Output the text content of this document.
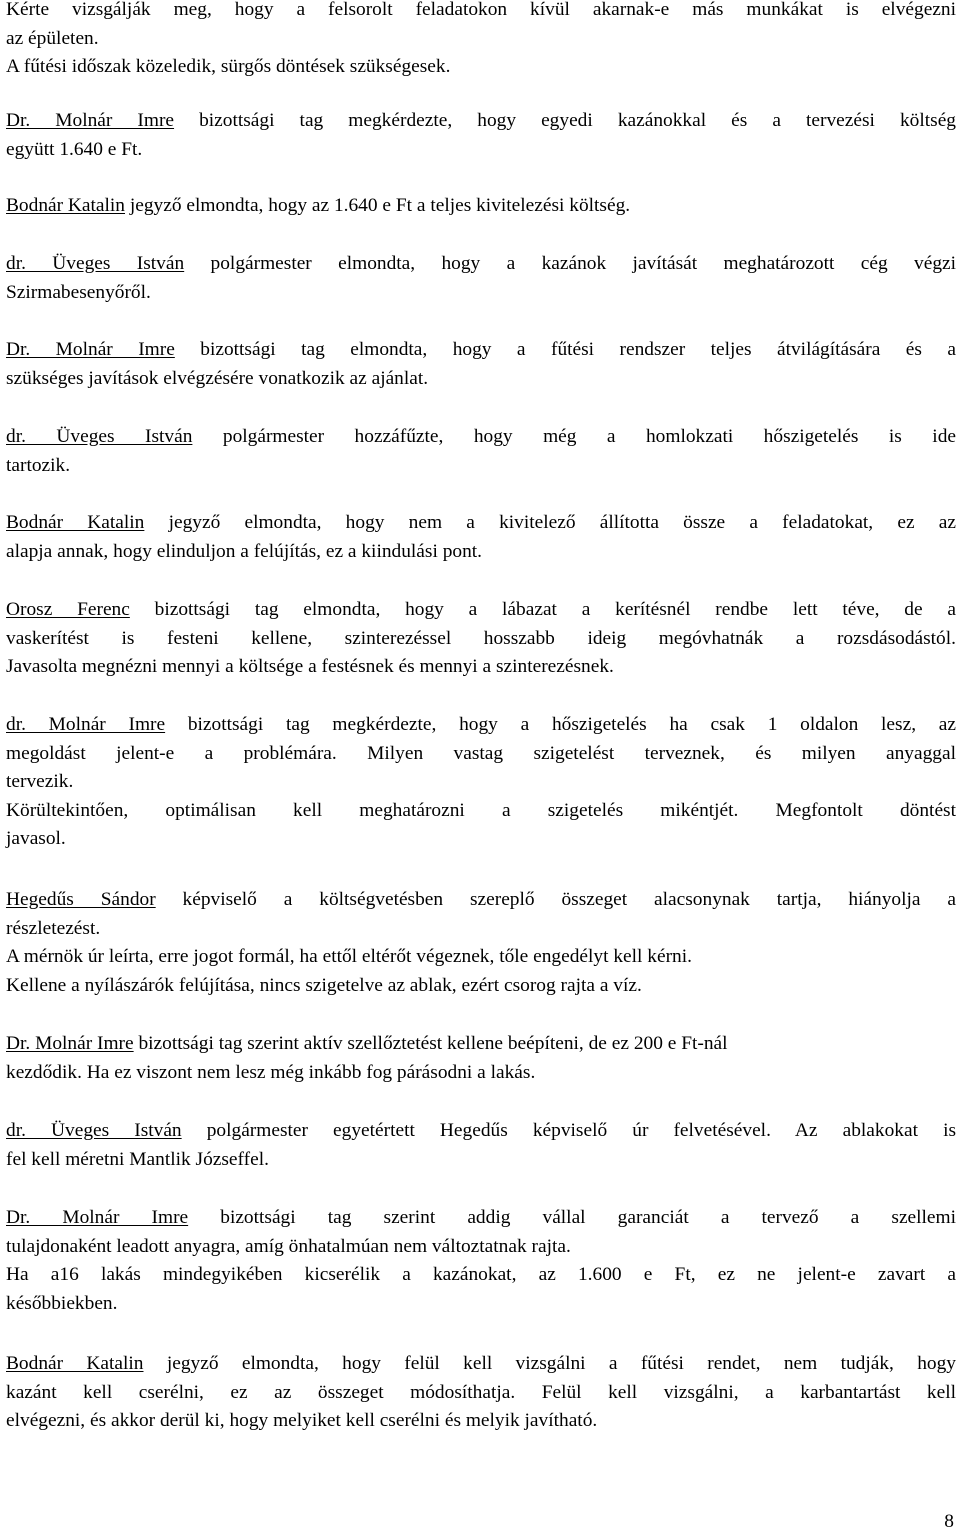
Kérte vizsgálják meg, hogy a felsorolt feladatokon kívül akarnak-e más munkákat is elvégezni
az épületen.
A fűtési időszak közeledik, sürgős döntések szükségesek.
Dr. Molnár Imre bizottsági tag megkérdezte, hogy egyedi kazánokkal és a tervezési költség
együtt 1.640 e Ft.
Bodnár Katalin jegyző elmondta, hogy az 1.640 e Ft a teljes kivitelezési költség.
dr. Üveges István polgármester elmondta, hogy a kazánok javítását meghatározott cég végzi
Szirmabesenyőről.
Dr. Molnár Imre bizottsági tag elmondta, hogy a fűtési rendszer teljes átvilágítására és a
szükséges javítások elvégzésére vonatkozik az ajánlat.
dr. Üveges István polgármester hozzáfűzte, hogy még a homlokzati hőszigetelés is ide
tartozik.
Bodnár Katalin jegyző elmondta, hogy nem a kivitelező állította össze a feladatokat, ez az
alapja annak, hogy elinduljon a felújítás, ez a kiindulási pont.
Orosz Ferenc bizottsági tag elmondta, hogy a lábazat a kerítésnél rendbe lett téve, de a
vaskerítést is festeni kellene, szinterezéssel hosszabb ideig megóvhatnák a rozsdásodástól.
Javasolta megnézni mennyi a költsége a festésnek és mennyi a szinterezésnek.
dr. Molnár Imre bizottsági tag megkérdezte, hogy a hőszigetelés ha csak 1 oldalon lesz, az
megoldást jelent-e a problémára. Milyen vastag szigetelést terveznek, és milyen anyaggal
tervezik.
Körültekintően, optimálisan kell meghatározni a szigetelés mikéntjét. Megfontolt döntést
javasol.
Hegedűs Sándor képviselő a költségvetésben szereplő összeget alacsonynak tartja, hiányolja a
részletezést.
A mérnök úr leírta, erre jogot formál, ha ettől eltérőt végeznek, tőle engedélyt kell kérni.
Kellene a nyílászárók felújítása, nincs szigetelve az ablak, ezért csorog rajta a víz.
Dr. Molnár Imre bizottsági tag szerint aktív szellőztetést kellene beépíteni, de ez 200 e Ft-nál
kezdődik. Ha ez viszont nem lesz még inkább fog párásodni a lakás.
dr. Üveges István polgármester egyetértett Hegedűs képviselő úr felvetésével. Az ablakokat is
fel kell méretni Mantlik Józseffel.
Dr. Molnár Imre bizottsági tag szerint addig vállal garanciát a tervező a szellemi
tulajdonaként leadott anyagra, amíg önhatalmúan nem változtatnak rajta.
Ha a16 lakás mindegyikében kicserélik a kazánokat, az 1.600 e Ft, ez ne jelent-e zavart a
későbbiekben.
Bodnár Katalin jegyző elmondta, hogy felül kell vizsgálni a fűtési rendet, nem tudják, hogy
kazánt kell cserélni, ez az összeget módosíthatja. Felül kell vizsgálni, a karbantartást kell
elvégezni, és akkor derül ki, hogy melyiket kell cserélni és melyik javítható.
8
